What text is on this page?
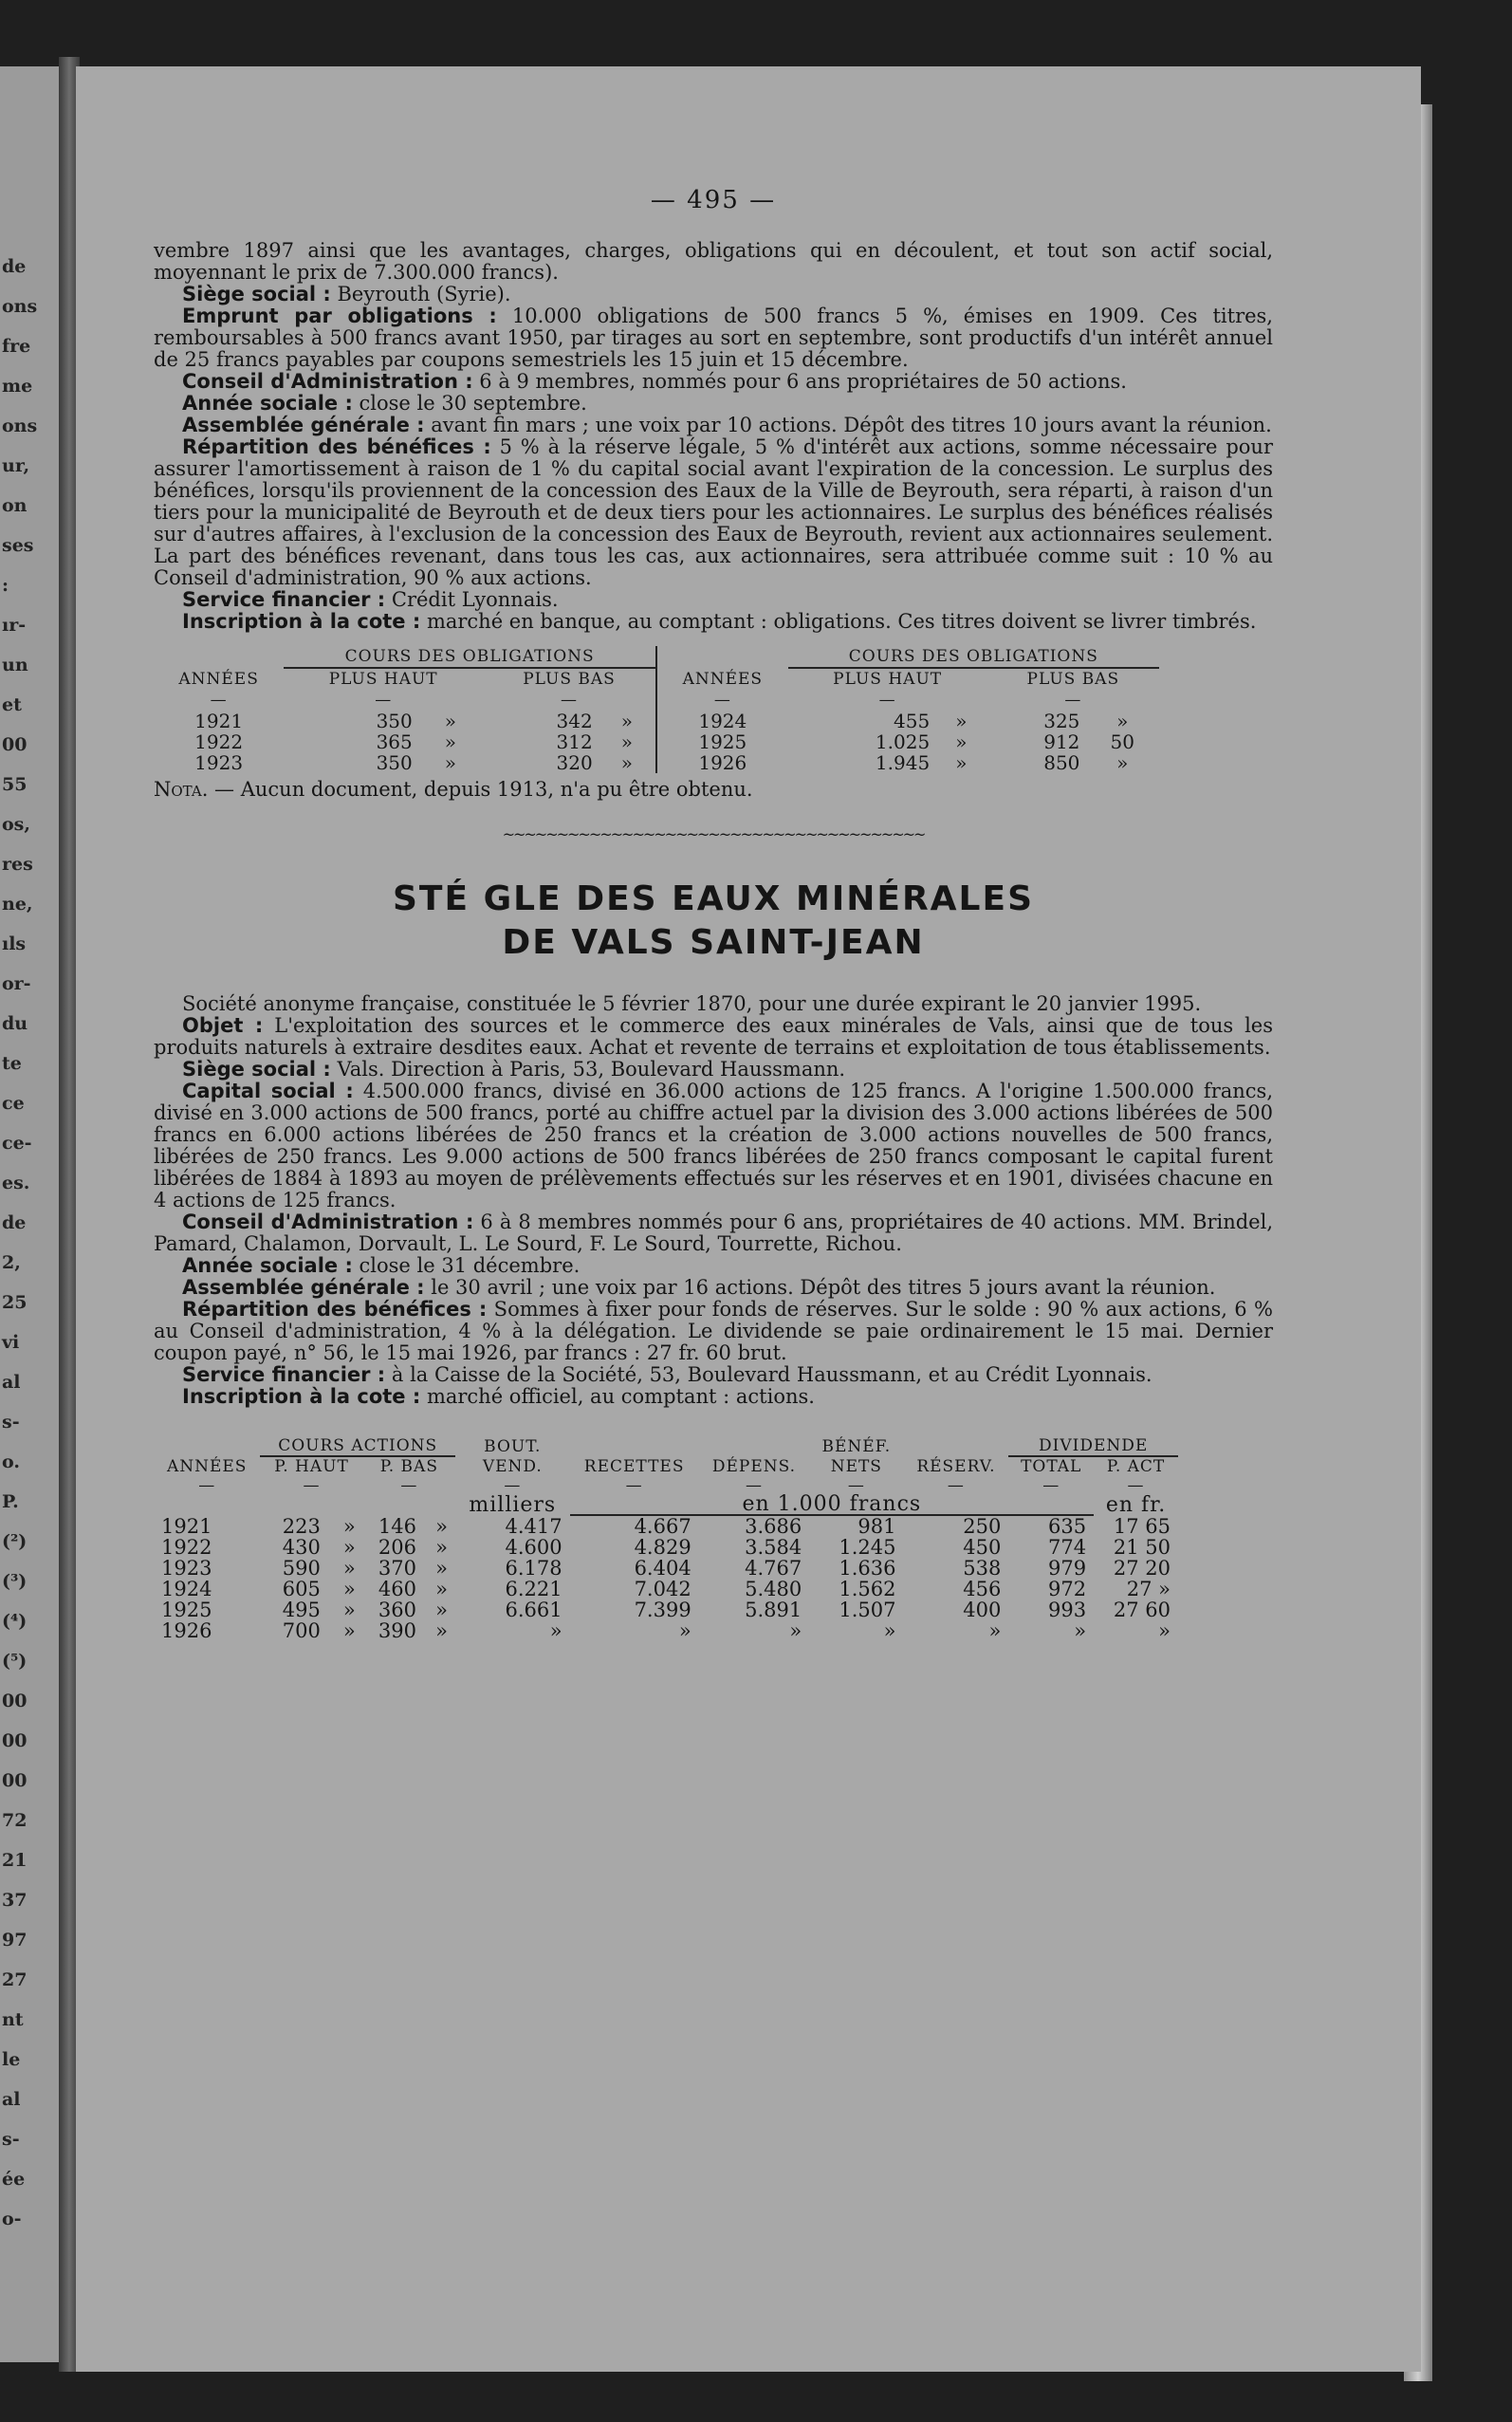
de
ons
fre
me
ons
ur,
on
ses
:
ır-
un
et
00
55
os,
res
ne,
ıls
or-
du
te
ce
ce-
es.
de
2,
25
vi
al
s-
o.
P.
(²)
(³)
(⁴)
(⁵)
00
00
00
72
21
37
97
27
nt
le
al
s-
ée
o-
— 495 —

vembre 1897 ainsi que les avantages, charges, obligations qui en découlent, et tout son actif social, moyennant le prix de 7.300.000 francs).

Siège social : Beyrouth (Syrie).

Emprunt par obligations : 10.000 obligations de 500 francs 5 %, émises en 1909. Ces titres, remboursables à 500 francs avant 1950, par tirages au sort en septembre, sont productifs d'un intérêt annuel de 25 francs payables par coupons semestriels les 15 juin et 15 décembre.

Conseil d'Administration : 6 à 9 membres, nommés pour 6 ans propriétaires de 50 actions.

Année sociale : close le 30 septembre.

Assemblée générale : avant fin mars ; une voix par 10 actions. Dépôt des titres 10 jours avant la réunion.

Répartition des bénéfices : 5 % à la réserve légale, 5 % d'intérêt aux actions, somme nécessaire pour assurer l'amortissement à raison de 1 % du capital social avant l'expiration de la concession. Le surplus des bénéfices, lorsqu'ils proviennent de la concession des Eaux de la Ville de Beyrouth, sera réparti, à raison d'un tiers pour la municipalité de Beyrouth et de deux tiers pour les actionnaires. Le surplus des bénéfices réalisés sur d'autres affaires, à l'exclusion de la concession des Eaux de Beyrouth, revient aux actionnaires seulement. La part des bénéfices revenant, dans tous les cas, aux actionnaires, sera attribuée comme suit : 10 % au Conseil d'administration, 90 % aux actions.

Service financier : Crédit Lyonnais.

Inscription à la cote : marché en banque, au comptant : obligations. Ces titres doivent se livrer timbrés.

	COURS DES OBLIGATIONS					COURS DES OBLIGATIONS			
ANNÉES	PLUS HAUT		PLUS BAS		ANNÉES	PLUS HAUT		PLUS BAS	
—	—		—		—	—		—	
1921	350	»	342	»	1924	455	»	325	»
1922	365	»	312	»	1925	1.025	»	912	50
1923	350	»	320	»	1926	1.945	»	850	»

Nota. — Aucun document, depuis 1913, n'a pu être obtenu.

~~~~~~~~~~~~~~~~~~~~~~~~~~~~~~~~~~~~~~~
STÉ GLE DES EAUX MINÉRALES
DE VALS SAINT-JEAN

Société anonyme française, constituée le 5 février 1870, pour une durée expirant le 20 janvier 1995.

Objet : L'exploitation des sources et le commerce des eaux minérales de Vals, ainsi que de tous les produits naturels à extraire desdites eaux. Achat et revente de terrains et exploitation de tous établissements.

Siège social : Vals. Direction à Paris, 53, Boulevard Haussmann.

Capital social : 4.500.000 francs, divisé en 36.000 actions de 125 francs. A l'origine 1.500.000 francs, divisé en 3.000 actions de 500 francs, porté au chiffre actuel par la division des 3.000 actions libérées de 500 francs en 6.000 actions libérées de 250 francs et la création de 3.000 actions nouvelles de 500 francs, libérées de 250 francs. Les 9.000 actions de 500 francs libérées de 250 francs composant le capital furent libérées de 1884 à 1893 au moyen de prélèvements effectués sur les réserves et en 1901, divisées chacune en 4 actions de 125 francs.

Conseil d'Administration : 6 à 8 membres nommés pour 6 ans, propriétaires de 40 actions. MM. Brindel, Pamard, Chalamon, Dorvault, L. Le Sourd, F. Le Sourd, Tourrette, Richou.

Année sociale : close le 31 décembre.

Assemblée générale : le 30 avril ; une voix par 16 actions. Dépôt des titres 5 jours avant la réunion.

Répartition des bénéfices : Sommes à fixer pour fonds de réserves. Sur le solde : 90 % aux actions, 6 % au Conseil d'administration, 4 % à la délégation. Le dividende se paie ordinairement le 15 mai. Dernier coupon payé, n° 56, le 15 mai 1926, par francs : 27 fr. 60 brut.

Service financier : à la Caisse de la Société, 53, Boulevard Haussmann, et au Crédit Lyonnais.

Inscription à la cote : marché officiel, au comptant : actions.

	COURS ACTIONS				BOUT.			BÉNÉF.		DIVIDENDE	
ANNÉES	P. HAUT		P. BAS		VEND.	RECETTES	DÉPENS.	NETS	RÉSERV.	TOTAL	P. ACT
—	—		—		—	—	—	—	—	—	—
					milliers	en 1.000 francs					en fr.
1921	223	»	146	»	4.417	4.667	3.686	981	250	635	17 65
1922	430	»	206	»	4.600	4.829	3.584	1.245	450	774	21 50
1923	590	»	370	»	6.178	6.404	4.767	1.636	538	979	27 20
1924	605	»	460	»	6.221	7.042	5.480	1.562	456	972	27 »
1925	495	»	360	»	6.661	7.399	5.891	1.507	400	993	27 60
1926	700	»	390	»	»	»	»	»	»	»	»
